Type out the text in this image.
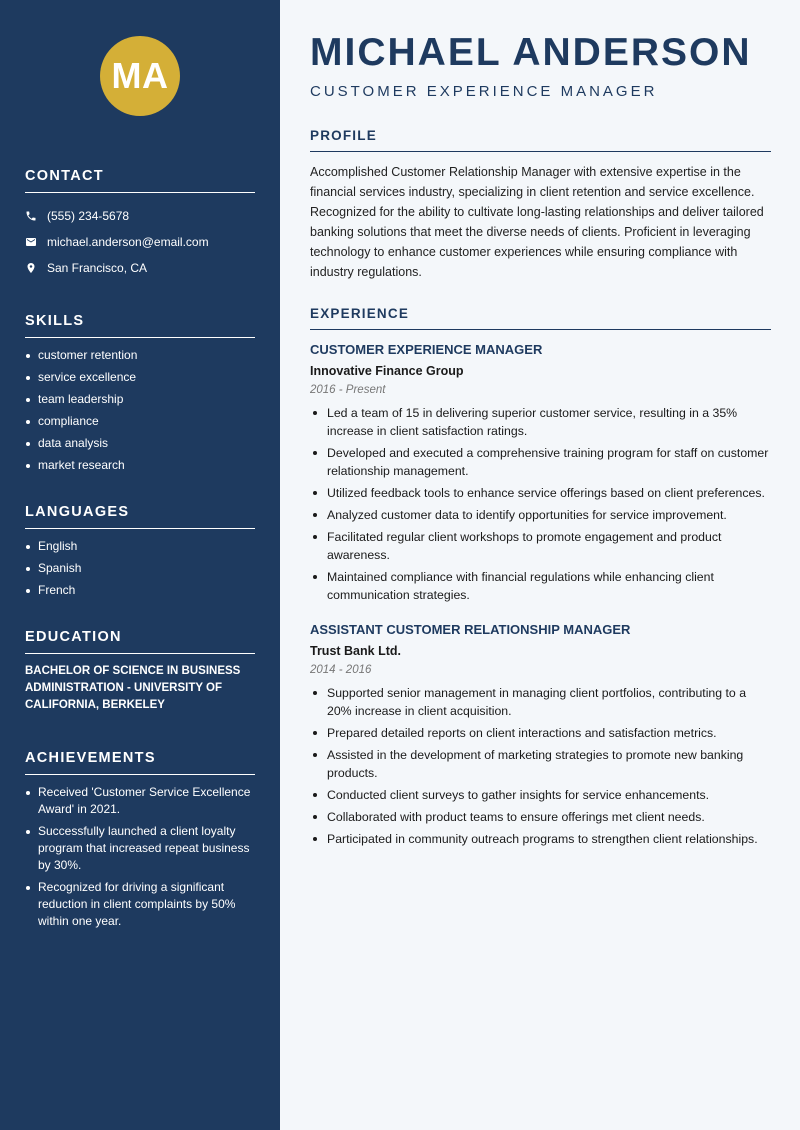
MA
CONTACT
(555) 234-5678
michael.anderson@email.com
San Francisco, CA
SKILLS
customer retention
service excellence
team leadership
compliance
data analysis
market research
LANGUAGES
English
Spanish
French
EDUCATION
BACHELOR OF SCIENCE IN BUSINESS ADMINISTRATION - UNIVERSITY OF CALIFORNIA, BERKELEY
ACHIEVEMENTS
Received 'Customer Service Excellence Award' in 2021.
Successfully launched a client loyalty program that increased repeat business by 30%.
Recognized for driving a significant reduction in client complaints by 50% within one year.
MICHAEL ANDERSON
CUSTOMER EXPERIENCE MANAGER
PROFILE

Accomplished Customer Relationship Manager with extensive expertise in the financial services industry, specializing in client retention and service excellence. Recognized for the ability to cultivate long-lasting relationships and deliver tailored banking solutions that meet the diverse needs of clients. Proficient in leveraging technology to enhance customer experiences while ensuring compliance with industry regulations.

EXPERIENCE
CUSTOMER EXPERIENCE MANAGER
Innovative Finance Group
2016 - Present
Led a team of 15 in delivering superior customer service, resulting in a 35% increase in client satisfaction ratings.
Developed and executed a comprehensive training program for staff on customer relationship management.
Utilized feedback tools to enhance service offerings based on client preferences.
Analyzed customer data to identify opportunities for service improvement.
Facilitated regular client workshops to promote engagement and product awareness.
Maintained compliance with financial regulations while enhancing client communication strategies.
ASSISTANT CUSTOMER RELATIONSHIP MANAGER
Trust Bank Ltd.
2014 - 2016
Supported senior management in managing client portfolios, contributing to a 20% increase in client acquisition.
Prepared detailed reports on client interactions and satisfaction metrics.
Assisted in the development of marketing strategies to promote new banking products.
Conducted client surveys to gather insights for service enhancements.
Collaborated with product teams to ensure offerings met client needs.
Participated in community outreach programs to strengthen client relationships.
